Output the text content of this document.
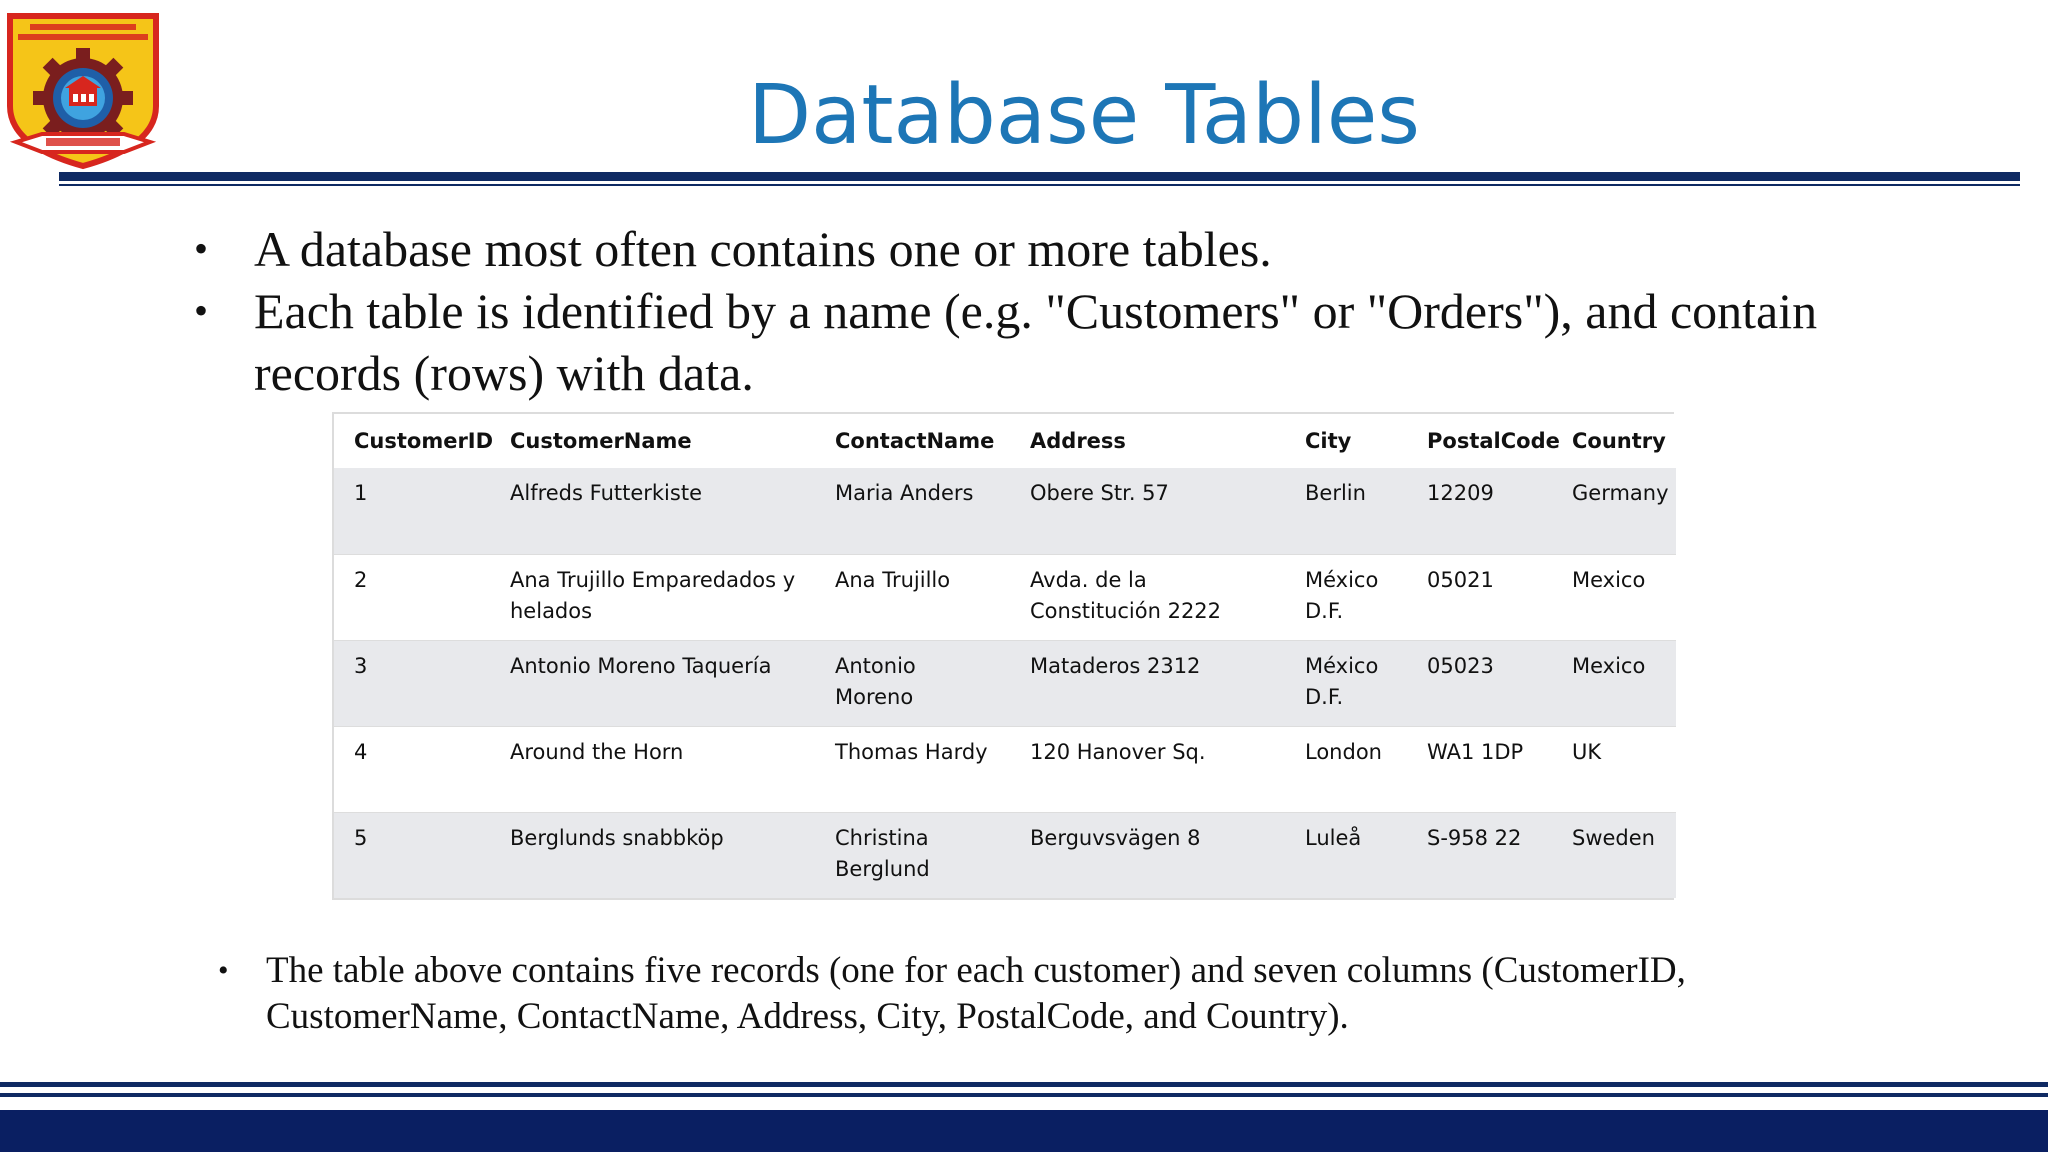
Database Tables
• A database most often contains one or more tables.
• Each table is identified by a name (e.g. "Customers" or "Orders"), and contain records (rows) with data.
CustomerID	CustomerName	ContactName	Address	City	PostalCode	Country
1	Alfreds Futterkiste	Maria Anders	Obere Str. 57	Berlin	12209	Germany
2	Ana Trujillo Emparedados y helados	Ana Trujillo	Avda. de la Constitución 2222	México D.F.	05021	Mexico
3	Antonio Moreno Taquería	Antonio Moreno	Mataderos 2312	México D.F.	05023	Mexico
4	Around the Horn	Thomas Hardy	120 Hanover Sq.	London	WA1 1DP	UK
5	Berglunds snabbköp	Christina Berglund	Berguvsvägen 8	Luleå	S-958 22	Sweden
• The table above contains five records (one for each customer) and seven columns (CustomerID, CustomerName, ContactName, Address, City, PostalCode, and Country).
